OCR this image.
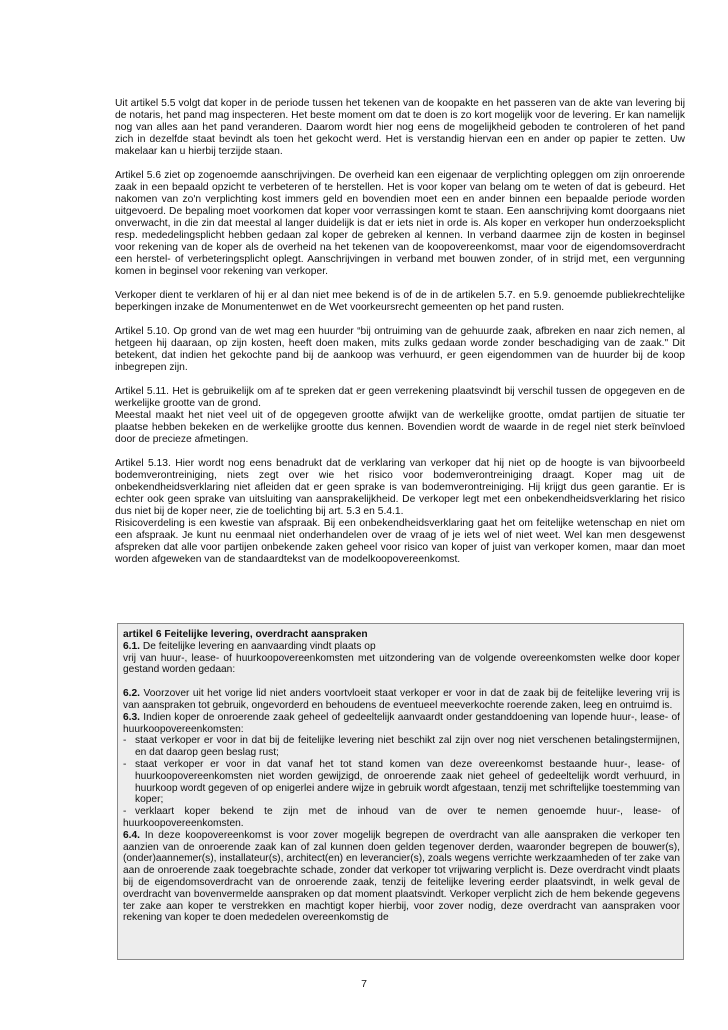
Uit artikel 5.5 volgt dat koper in de periode tussen het tekenen van de koopakte en het passeren van de akte van levering bij de notaris, het pand mag inspecteren. Het beste moment om dat te doen is zo kort mogelijk voor de levering. Er kan namelijk nog van alles aan het pand veranderen. Daarom wordt hier nog eens de mogelijkheid geboden te controleren of het pand zich in dezelfde staat bevindt als toen het gekocht werd. Het is verstandig hiervan een en ander op papier te zetten. Uw makelaar kan u hierbij terzijde staan.

Artikel 5.6 ziet op zogenoemde aanschrijvingen. De overheid kan een eigenaar de verplichting opleggen om zijn onroerende zaak in een bepaald opzicht te verbeteren of te herstellen. Het is voor koper van belang om te weten of dat is gebeurd. Het nakomen van zo'n verplichting kost immers geld en bovendien moet een en ander binnen een bepaalde periode worden uitgevoerd. De bepaling moet voorkomen dat koper voor verrassingen komt te staan. Een aanschrijving komt doorgaans niet onverwacht, in die zin dat meestal al langer duidelijk is dat er iets niet in orde is. Als koper en verkoper hun onderzoeksplicht resp. mededelingsplicht hebben gedaan zal koper de gebreken al kennen. In verband daarmee zijn de kosten in beginsel voor rekening van de koper als de overheid na het tekenen van de koopovereenkomst, maar voor de eigendomsoverdracht een herstel- of verbeteringsplicht oplegt. Aanschrijvingen in verband met bouwen zonder, of in strijd met, een vergunning komen in beginsel voor rekening van verkoper.

Verkoper dient te verklaren of hij er al dan niet mee bekend is of de in de artikelen 5.7. en 5.9. genoemde publiekrechtelijke beperkingen inzake de Monumentenwet en de Wet voorkeursrecht gemeenten op het pand rusten.

Artikel 5.10. Op grond van de wet mag een huurder “bij ontruiming van de gehuurde zaak, afbreken en naar zich nemen, al hetgeen hij daaraan, op zijn kosten, heeft doen maken, mits zulks gedaan worde zonder beschadiging van de zaak." Dit betekent, dat indien het gekochte pand bij de aankoop was verhuurd, er geen eigendommen van de huurder bij de koop inbegrepen zijn.

Artikel 5.11. Het is gebruikelijk om af te spreken dat er geen verrekening plaatsvindt bij verschil tussen de opgegeven en de werkelijke grootte van de grond.
Meestal maakt het niet veel uit of de opgegeven grootte afwijkt van de werkelijke grootte, omdat partijen de situatie ter plaatse hebben bekeken en de werkelijke grootte dus kennen. Bovendien wordt de waarde in de regel niet sterk beïnvloed door de precieze afmetingen.

Artikel 5.13. Hier wordt nog eens benadrukt dat de verklaring van verkoper dat hij niet op de hoogte is van bijvoorbeeld bodemverontreiniging, niets zegt over wie het risico voor bodemverontreiniging draagt. Koper mag uit de onbekendheidsverklaring niet afleiden dat er geen sprake is van bodemverontreiniging. Hij krijgt dus geen garantie. Er is echter ook geen sprake van uitsluiting van aansprakelijkheid. De verkoper legt met een onbekendheidsverklaring het risico dus niet bij de koper neer, zie de toelichting bij art. 5.3 en 5.4.1.
Risicoverdeling is een kwestie van afspraak. Bij een onbekendheidsverklaring gaat het om feitelijke wetenschap en niet om een afspraak. Je kunt nu eenmaal niet onderhandelen over de vraag of je iets wel of niet weet. Wel kan men desgewenst afspreken dat alle voor partijen onbekende zaken geheel voor risico van koper of juist van verkoper komen, maar dan moet worden afgeweken van de standaardtekst van de modelkoopovereenkomst.

artikel 6 Feitelijke levering, overdracht aanspraken

6.1. De feitelijke levering en aanvaarding vindt plaats op

vrij van huur-, lease- of huurkoopovereenkomsten met uitzondering van de volgende overeenkomsten welke door koper gestand worden gedaan:

6.2. Voorzover uit het vorige lid niet anders voortvloeit staat verkoper er voor in dat de zaak bij de feitelijke levering vrij is van aanspraken tot gebruik, ongevorderd en behoudens de eventueel meeverkochte roerende zaken, leeg en ontruimd is.

6.3. Indien koper de onroerende zaak geheel of gedeeltelijk aanvaardt onder gestanddoening van lopende huur-, lease- of huurkoopovereenkomsten:

- staat verkoper er voor in dat bij de feitelijke levering niet beschikt zal zijn over nog niet verschenen betalingstermijnen, en dat daarop geen beslag rust;
- staat verkoper er voor in dat vanaf het tot stand komen van deze overeenkomst bestaande huur-, lease- of huurkoopovereenkomsten niet worden gewijzigd, de onroerende zaak niet geheel of gedeeltelijk wordt verhuurd, in huurkoop wordt gegeven of op enigerlei andere wijze in gebruik wordt afgestaan, tenzij met schriftelijke toestemming van koper;
- verklaart koper bekend te zijn met de inhoud van de over te nemen genoemde huur-, lease- of huurkoopovereenkomsten.

6.4. In deze koopovereenkomst is voor zover mogelijk begrepen de overdracht van alle aanspraken die verkoper ten aanzien van de onroerende zaak kan of zal kunnen doen gelden tegenover derden, waaronder begrepen de bouwer(s), (onder)aannemer(s), installateur(s), architect(en) en leverancier(s), zoals wegens verrichte werkzaamheden of ter zake van aan de onroerende zaak toegebrachte schade, zonder dat verkoper tot vrijwaring verplicht is. Deze overdracht vindt plaats bij de eigendomsoverdracht van de onroerende zaak, tenzij de feitelijke levering eerder plaatsvindt, in welk geval de overdracht van bovenvermelde aanspraken op dat moment plaatsvindt. Verkoper verplicht zich de hem bekende gegevens ter zake aan koper te verstrekken en machtigt koper hierbij, voor zover nodig, deze overdracht van aanspraken voor rekening van koper te doen mededelen overeenkomstig de

7
